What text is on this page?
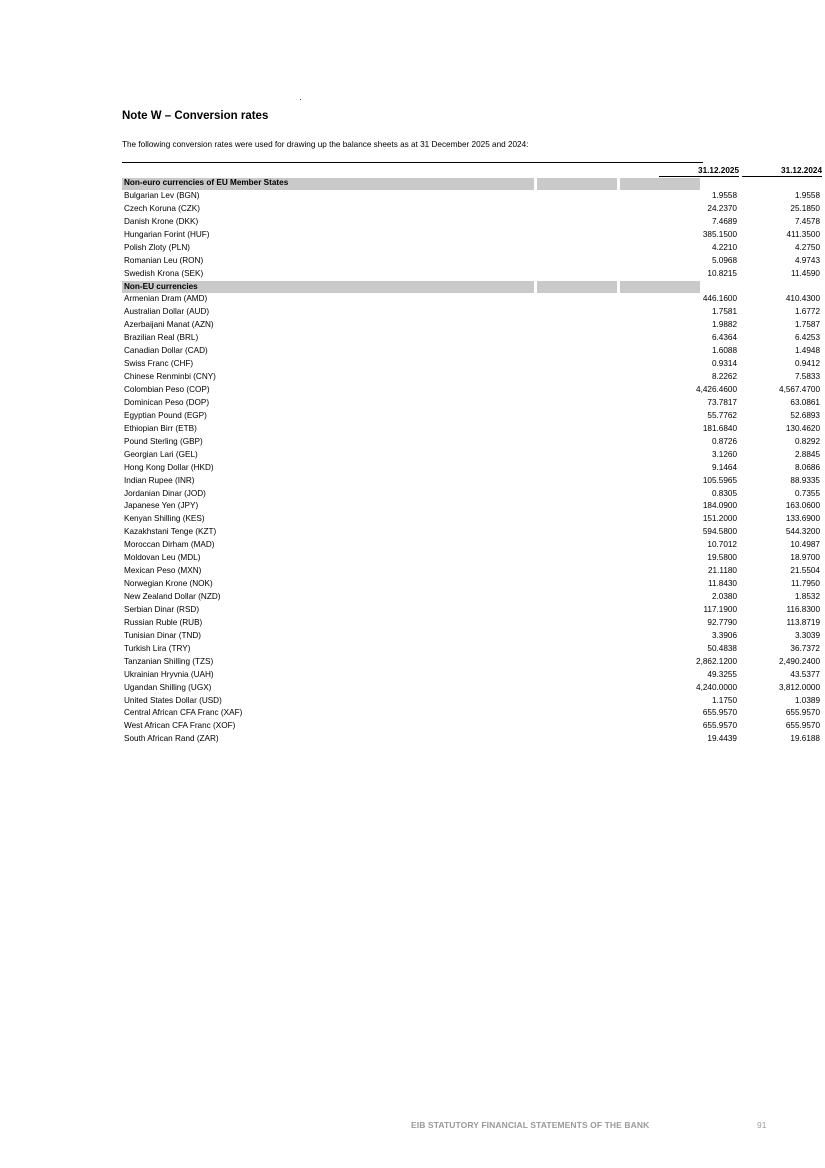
Note W – Conversion rates

The following conversion rates were used for drawing up the balance sheets as at 31 December 2025 and 2024:

31.12.2025	31.12.2024
Non-euro currencies of EU Member States
Bulgarian Lev (BGN)	1.9558	1.9558
Czech Koruna (CZK)	24.2370	25.1850
Danish Krone (DKK)	7.4689	7.4578
Hungarian Forint (HUF)	385.1500	411.3500
Polish Zloty (PLN)	4.2210	4.2750
Romanian Leu (RON)	5.0968	4.9743
Swedish Krona (SEK)	10.8215	11.4590
Non-EU currencies
Armenian Dram (AMD)	446.1600	410.4300
Australian Dollar (AUD)	1.7581	1.6772
Azerbaijani Manat (AZN)	1.9882	1.7587
Brazilian Real (BRL)	6.4364	6.4253
Canadian Dollar (CAD)	1.6088	1.4948
Swiss Franc (CHF)	0.9314	0.9412
Chinese Renminbi (CNY)	8.2262	7.5833
Colombian Peso (COP)	4,426.4600	4,567.4700
Dominican Peso (DOP)	73.7817	63.0861
Egyptian Pound (EGP)	55.7762	52.6893
Ethiopian Birr (ETB)	181.6840	130.4620
Pound Sterling (GBP)	0.8726	0.8292
Georgian Lari (GEL)	3.1260	2.8845
Hong Kong Dollar (HKD)	9.1464	8.0686
Indian Rupee (INR)	105.5965	88.9335
Jordanian Dinar (JOD)	0.8305	0.7355
Japanese Yen (JPY)	184.0900	163.0600
Kenyan Shilling (KES)	151.2000	133.6900
Kazakhstani Tenge (KZT)	594.5800	544.3200
Moroccan Dirham (MAD)	10.7012	10.4987
Moldovan Leu (MDL)	19.5800	18.9700
Mexican Peso (MXN)	21.1180	21.5504
Norwegian Krone (NOK)	11.8430	11.7950
New Zealand Dollar (NZD)	2.0380	1.8532
Serbian Dinar (RSD)	117.1900	116.8300
Russian Ruble (RUB)	92.7790	113.8719
Tunisian Dinar (TND)	3.3906	3.3039
Turkish Lira (TRY)	50.4838	36.7372
Tanzanian Shilling (TZS)	2,862.1200	2,490.2400
Ukrainian Hryvnia (UAH)	49.3255	43.5377
Ugandan Shilling (UGX)	4,240.0000	3,812.0000
United States Dollar (USD)	1.1750	1.0389
Central African CFA Franc (XAF)	655.9570	655.9570
West African CFA Franc (XOF)	655.9570	655.9570
South African Rand (ZAR)	19.4439	19.6188
EIB STATUTORY FINANCIAL STATEMENTS OF THE BANK	91
